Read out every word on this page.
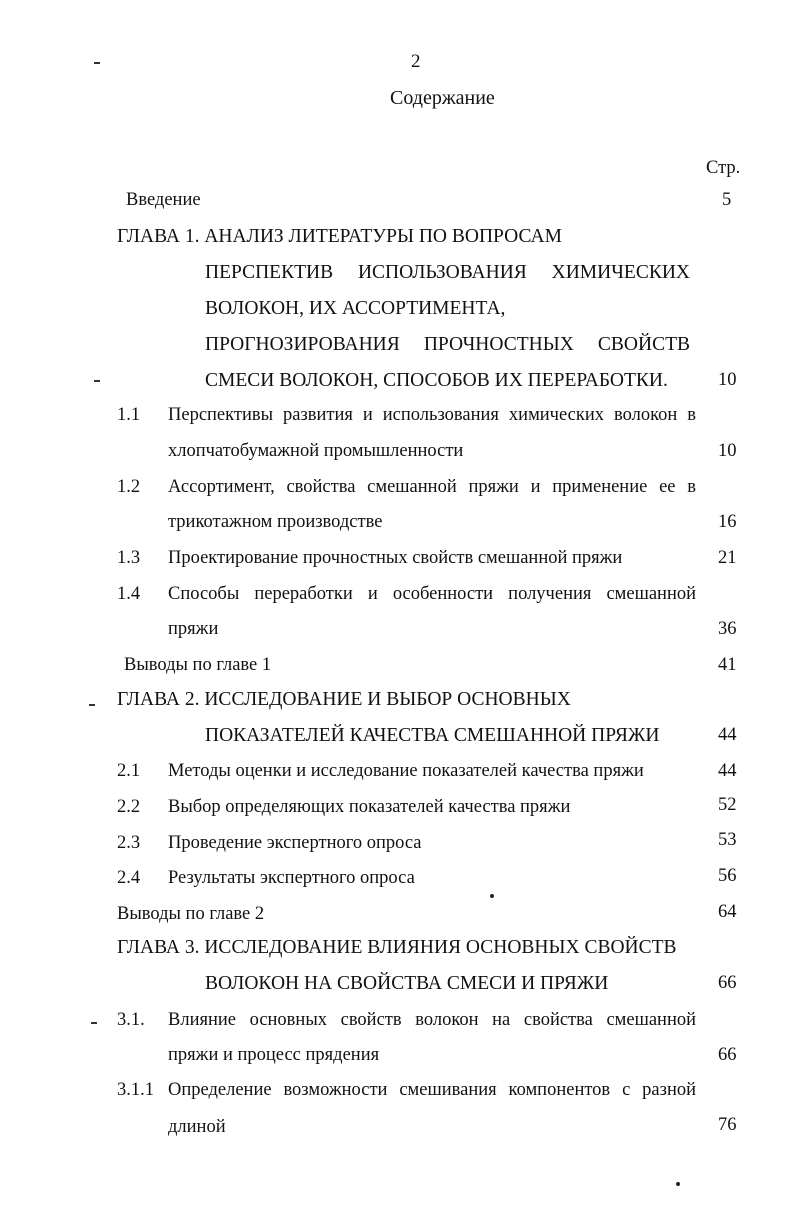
2
Содержание
Стр.
Введение	5
ГЛАВА 1. АНАЛИЗ ЛИТЕРАТУРЫ ПО ВОПРОСАМ
ПЕРСПЕКТИВ ИСПОЛЬЗОВАНИЯ ХИМИЧЕСКИХ
ВОЛОКОН, ИХ АССОРТИМЕНТА,
ПРОГНОЗИРОВАНИЯ ПРОЧНОСТНЫХ СВОЙСТВ
СМЕСИ ВОЛОКОН, СПОСОБОВ ИХ ПЕРЕРАБОТКИ.	10
1.1 Перспективы развития и использования химических волокон в
хлопчатобумажной промышленности	10
1.2 Ассортимент, свойства смешанной пряжи и применение ее в
трикотажном производстве	16
1.3 Проектирование прочностных свойств смешанной пряжи	21
1.4 Способы переработки и особенности получения смешанной
пряжи	36
Выводы по главе 1	41
ГЛАВА 2. ИССЛЕДОВАНИЕ И ВЫБОР ОСНОВНЫХ
ПОКАЗАТЕЛЕЙ КАЧЕСТВА СМЕШАННОЙ ПРЯЖИ	44
2.1 Методы оценки и исследование показателей качества пряжи	44
2.2 Выбор определяющих показателей качества пряжи	52
2.3 Проведение экспертного опроса	53
2.4 Результаты экспертного опроса	56
Выводы по главе 2	64
ГЛАВА 3. ИССЛЕДОВАНИЕ ВЛИЯНИЯ ОСНОВНЫХ СВОЙСТВ
ВОЛОКОН НА СВОЙСТВА СМЕСИ И ПРЯЖИ	66
3.1. Влияние основных свойств волокон на свойства смешанной
пряжи и процесс прядения	66
3.1.1 Определение возможности смешивания компонентов с разной
длиной	76
